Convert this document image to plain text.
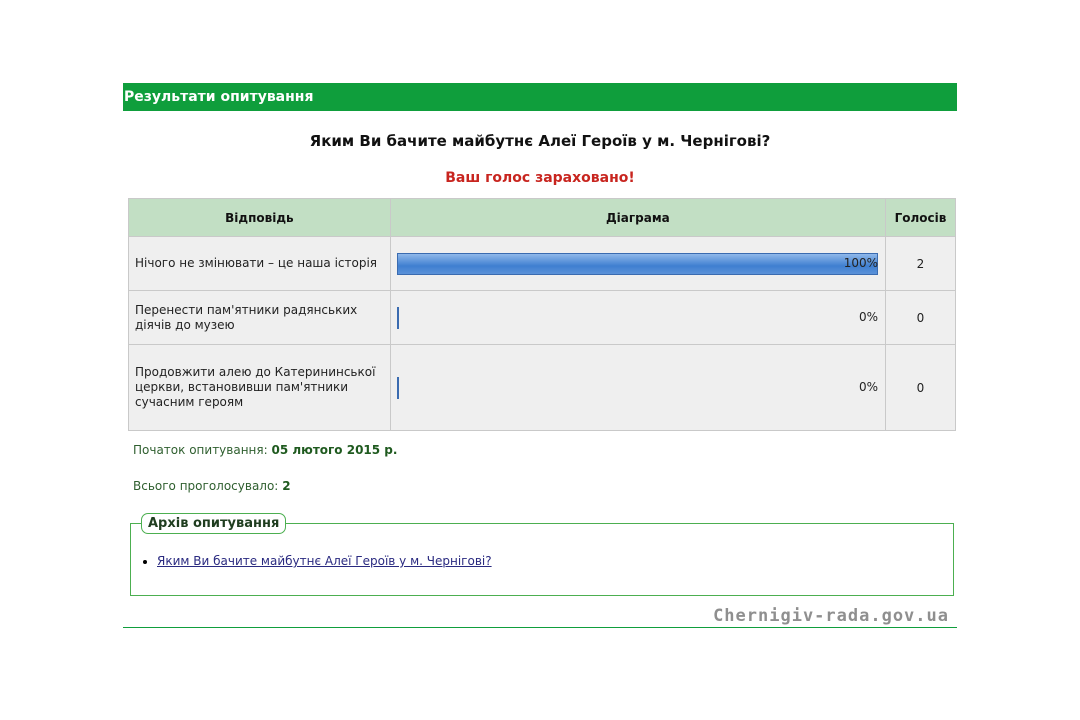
Результати опитування
Яким Ви бачите майбутнє Алеї Героїв у м. Чернігові?
Ваш голос зараховано!
Відповідь	Діаграма	Голосів
Нічого не змінювати – це наша історія	100%	2
Перенести пам'ятники радянських діячів до музею	0%	0
Продовжити алею до Катерининської церкви, встановивши пам'ятники сучасним героям	0%	0
Початок опитування: 05 лютого 2015 р.
Всього проголосувало: 2
Архів опитування
• Яким Ви бачите майбутнє Алеї Героїв у м. Чернігові?
Chernigiv-rada.gov.ua
